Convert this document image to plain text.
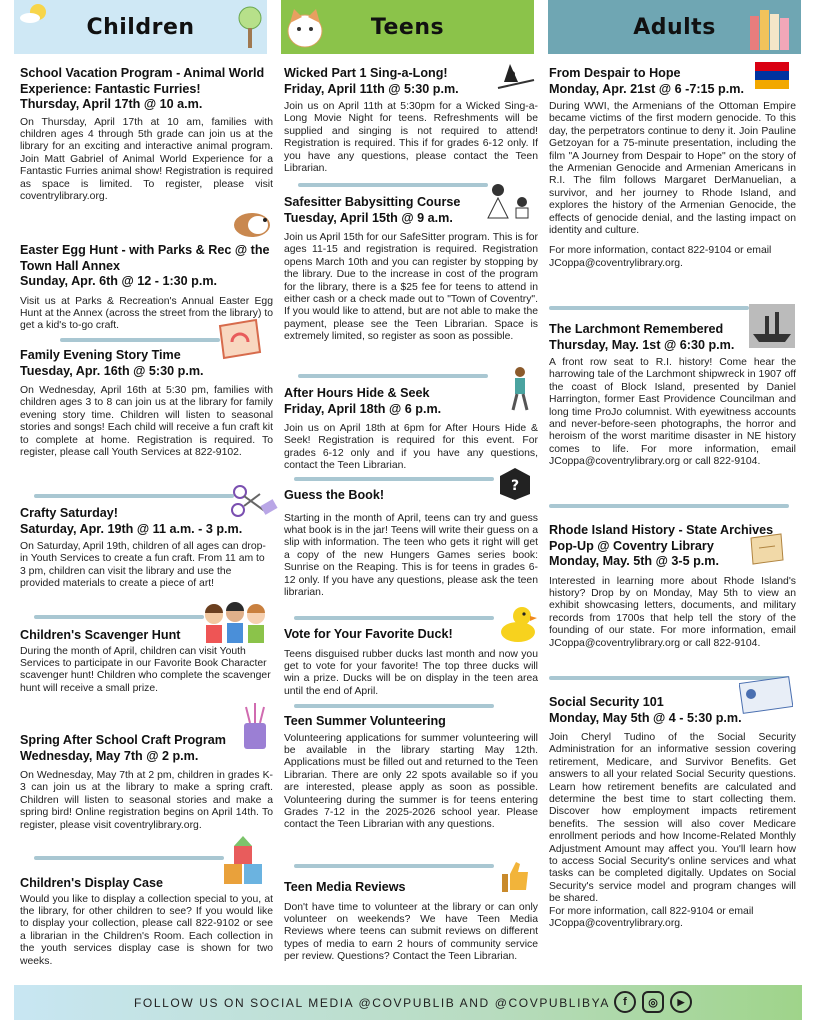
Children	Teens	Adults
School Vacation Program - Animal World Experience: Fantastic Furries!
Thursday, April 17th @ 10 a.m.
On Thursday, April 17th at 10 am, families with children ages 4 through 5th grade can join us at the library for an exciting and interactive animal program. Join Matt Gabriel of Animal World Experience for a Fantastic Furries animal show! Registration is required as space is limited. To register, please visit coventrylibrary.org.
Easter Egg Hunt - with Parks & Rec @ the Town Hall Annex
Sunday, Apr. 6th @ 12 - 1:30 p.m.
Visit us at Parks & Recreation's Annual Easter Egg Hunt at the Annex (across the street from the library) to get a kid's to-go craft.
Family Evening Story Time
Tuesday, Apr. 16th @ 5:30 p.m.
On Wednesday, April 16th at 5:30 pm, families with children ages 3 to 8 can join us at the library for family evening story time. Children will listen to seasonal stories and songs! Each child will receive a fun craft kit to complete at home. Registration is required. To register, please call Youth Services at 822-9102.
Crafty Saturday!
Saturday, Apr. 19th @ 11 a.m. - 3 p.m.
On Saturday, April 19th, children of all ages can drop-in Youth Services to create a fun craft. From 11 am to 3 pm, children can visit the library and use the provided materials to create a piece of art!
Children's Scavenger Hunt
During the month of April, children can visit Youth Services to participate in our Favorite Book Character scavenger hunt! Children who complete the scavenger hunt will receive a small prize.
Spring After School Craft Program
Wednesday, May 7th @ 2 p.m.
On Wednesday, May 7th at 2 pm, children in grades K-3 can join us at the library to make a spring craft. Children will listen to seasonal stories and make a spring bird! Online registration begins on April 14th. To register, please visit coventrylibrary.org.
Children's Display Case
Would you like to display a collection special to you, at the library, for other children to see? If you would like to display your collection, please call 822-9102 or see a librarian in the Children's Room. Each collection in the youth services display case is shown for two weeks.
Wicked Part 1 Sing-a-Long!
Friday, April 11th @ 5:30 p.m.
Join us on April 11th at 5:30pm for a Wicked Sing-a-Long Movie Night for teens. Refreshments will be supplied and singing is not required to attend! Registration is required. This if for grades 6-12 only. If you have any questions, please contact the Teen Librarian.
Safesitter Babysitting Course
Tuesday, April 15th @ 9 a.m.
Join us April 15th for our SafeSitter program. This is for ages 11-15 and registration is required. Registration opens March 10th and you can register by stopping by the library. Due to the increase in cost of the program for the library, there is a $25 fee for teens to attend in either cash or a check made out to "Town of Coventry". If you would like to attend, but are not able to make the payment, please see the Teen Librarian. Space is extremely limited, so register as soon as possible.
After Hours Hide & Seek
Friday, April 18th @ 6 p.m.
Join us on April 18th at 6pm for After Hours Hide & Seek! Registration is required for this event. For grades 6-12 only and if you have any questions, contact the Teen Librarian.
?
Guess the Book!
Starting in the month of April, teens can try and guess what book is in the jar! Teens will write their guess on a slip with information. The teen who gets it right will get a copy of the new Hungers Games series book: Sunrise on the Reaping. This is for teens in grades 6-12 only. If you have any questions, please ask the teen librarian.
Vote for Your Favorite Duck!
Teens disguised rubber ducks last month and now you get to vote for your favorite! The top three ducks will win a prize. Ducks will be on display in the teen area until the end of April.
Teen Summer Volunteering
Volunteering applications for summer volunteering will be available in the library starting May 12th. Applications must be filled out and returned to the Teen Librarian. There are only 22 spots available so if you are interested, please apply as soon as possible. Volunteering during the summer is for teens entering Grades 7-12 in the 2025-2026 school year. Please contact the Teen Librarian with any questions.
Teen Media Reviews
Don't have time to volunteer at the library or can only volunteer on weekends? We have Teen Media Reviews where teens can submit reviews on different types of media to earn 2 hours of community service per review. Questions? Contact the Teen Librarian.
From Despair to Hope
Monday, Apr. 21st @ 6 -7:15 p.m.
During WWI, the Armenians of the Ottoman Empire became victims of the first modern genocide. To this day, the perpetrators continue to deny it. Join Pauline Getzoyan for a 75-minute presentation, including the film "A Journey from Despair to Hope" on the story of the Armenian Genocide and Armenian Americans in R.I. The film follows Margaret DerManuelian, a survivor, and her journey to Rhode Island, and explores the history of the Armenian Genocide, the effects of genocide denial, and the lasting impact on identity and culture.
For more information, contact 822-9104 or email JCoppa@coventrylibrary.org.
The Larchmont Remembered
Thursday, May. 1st @ 6:30 p.m.
A front row seat to R.I. history! Come hear the harrowing tale of the Larchmont shipwreck in 1907 off the coast of Block Island, presented by Daniel Harrington, former East Providence Councilman and long time ProJo columnist. With eyewitness accounts and never-before-seen photographs, the horror and heroism of the worst maritime disaster in NE history comes to life. For more information, email JCoppa@coventrylibrary.org or call 822-9104.
Rhode Island History - State Archives Pop-Up @ Coventry Library
Monday, May. 5th @ 3-5 p.m.
Interested in learning more about Rhode Island's history? Drop by on Monday, May 5th to view an exhibit showcasing letters, documents, and military records from 1700s that help tell the story of the founding of our state. For more information, email JCoppa@coventrylibrary.org or call 822-9104.
Social Security 101
Monday, May 5th @ 4 - 5:30 p.m.
Join Cheryl Tudino of the Social Security Administration for an informative session covering retirement, Medicare, and Survivor Benefits. Get answers to all your related Social Security questions. Learn how retirement benefits are calculated and determine the best time to start collecting them. Discover how employment impacts retirement benefits. The session will also cover Medicare enrollment periods and how Income-Related Monthly Adjustment Amount may affect you. You'll learn how to access Social Security's online services and what tasks can be completed digitally. Updates on Social Security's service model and program changes will be shared.
For more information, call 822-9104 or email JCoppa@coventrylibrary.org.
FOLLOW US ON SOCIAL MEDIA @COVPUBLIB AND @COVPUBLIBYA	f	◎	▶
